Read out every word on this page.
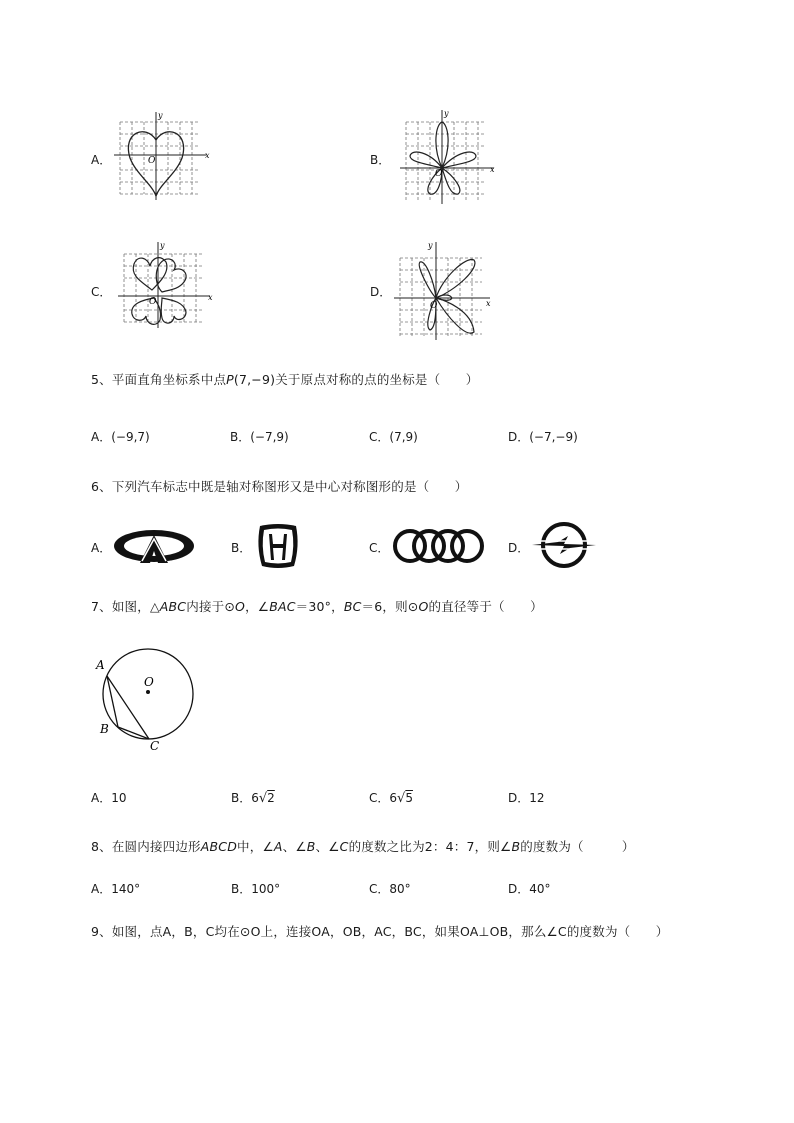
A．
y
x
O	B．
y
x
O
C．
y
x
O
D．
y
x
O
5、平面直角坐标系中点P(7,−9)关于原点对称的点的坐标是（　　）
A．(−9,7)	B．(−7,9)	C．(7,9)	D．(−7,−9)
6、下列汽车标志中既是轴对称图形又是中心对称图形的是（　　）
A．	B．	C．	D．
7、如图，△ABC内接于⊙O，∠BAC＝30°，BC＝6，则⊙O的直径等于（　　）
A
B
C
O
A．10	B．6√2	C．6√5	D．12
8、在圆内接四边形ABCD中，∠A、∠B、∠C的度数之比为2：4：7，则∠B的度数为（　　　）
A．140°	B．100°	C．80°	D．40°
9、如图，点A，B，C均在⊙O上，连接OA，OB，AC，BC，如果OA⊥OB，那么∠C的度数为（　　）
